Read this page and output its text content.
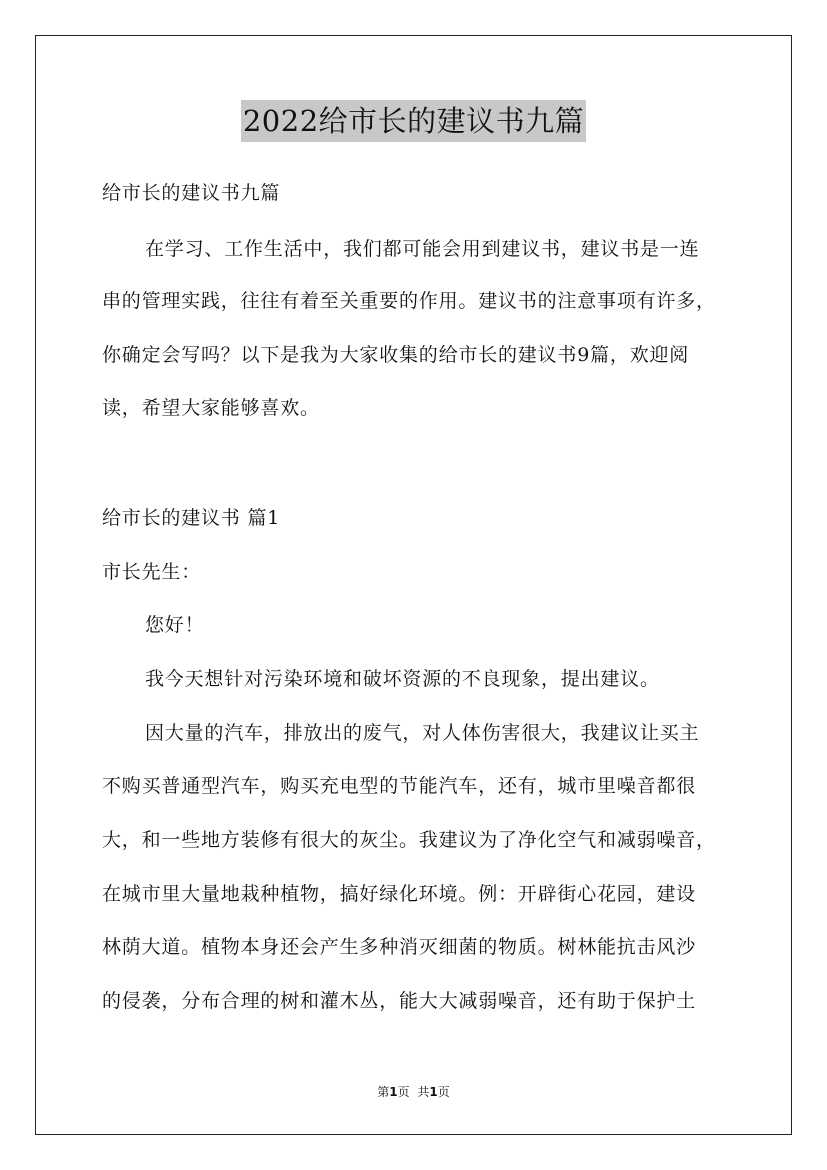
2022给市长的建议书九篇
给市长的建议书九篇
在学习、工作生活中，我们都可能会用到建议书，建议书是一连
串的管理实践，往往有着至关重要的作用。建议书的注意事项有许多，
你确定会写吗？以下是我为大家收集的给市长的建议书9篇，欢迎阅
读，希望大家能够喜欢。
给市长的建议书 篇1
市长先生：
您好！
我今天想针对污染环境和破坏资源的不良现象，提出建议。
因大量的汽车，排放出的废气，对人体伤害很大，我建议让买主
不购买普通型汽车，购买充电型的节能汽车，还有，城市里噪音都很
大，和一些地方装修有很大的灰尘。我建议为了净化空气和减弱噪音，
在城市里大量地栽种植物，搞好绿化环境。例：开辟街心花园，建设
林荫大道。植物本身还会产生多种消灭细菌的物质。树林能抗击风沙
的侵袭，分布合理的树和灌木丛，能大大减弱噪音，还有助于保护土
第1页 共1页
